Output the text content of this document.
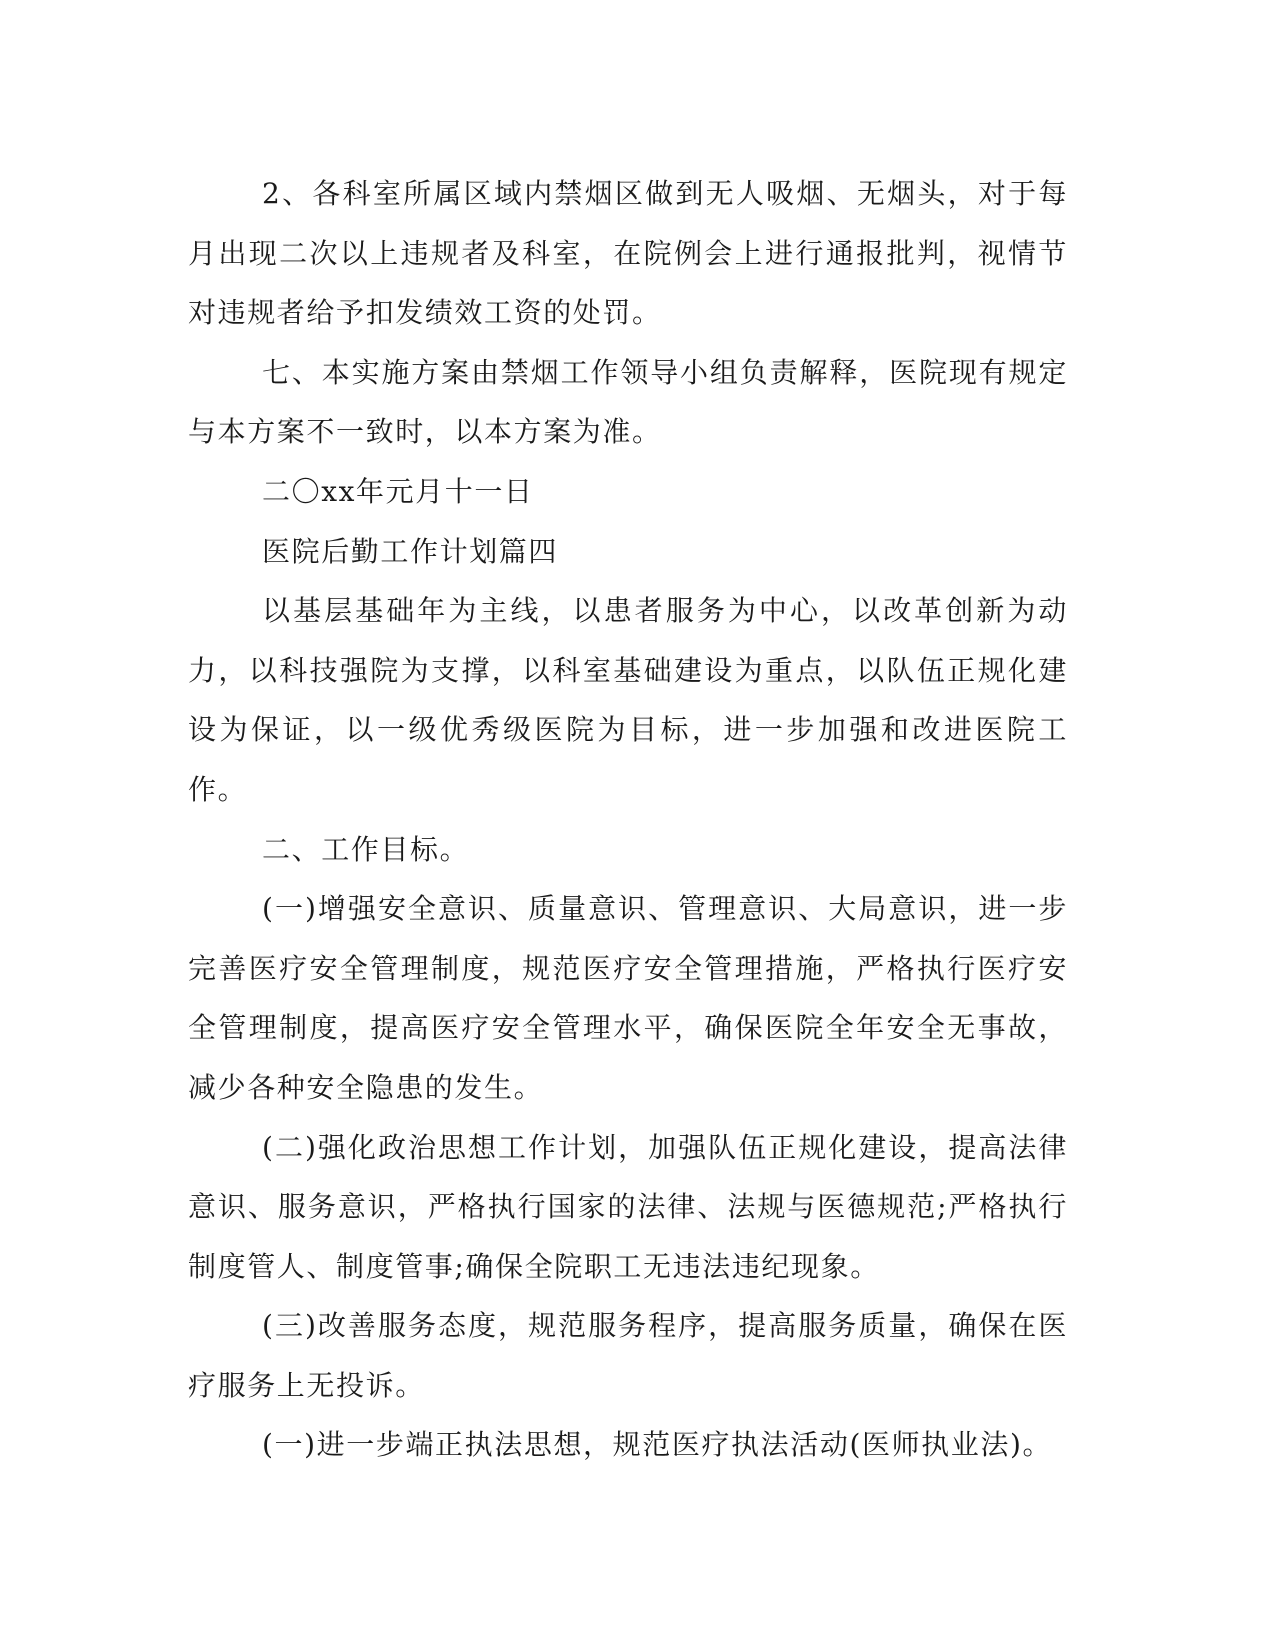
2、各科室所属区域内禁烟区做到无人吸烟、无烟头，对于每月出现二次以上违规者及科室，在院例会上进行通报批判，视情节对违规者给予扣发绩效工资的处罚。

七、本实施方案由禁烟工作领导小组负责解释，医院现有规定与本方案不一致时，以本方案为准。

二〇xx年元月十一日

医院后勤工作计划篇四

以基层基础年为主线，以患者服务为中心，以改革创新为动力，以科技强院为支撑，以科室基础建设为重点，以队伍正规化建设为保证，以一级优秀级医院为目标，进一步加强和改进医院工作。

二、工作目标。

(一)增强安全意识、质量意识、管理意识、大局意识，进一步完善医疗安全管理制度，规范医疗安全管理措施，严格执行医疗安全管理制度，提高医疗安全管理水平，确保医院全年安全无事故，减少各种安全隐患的发生。

(二)强化政治思想工作计划，加强队伍正规化建设，提高法律意识、服务意识，严格执行国家的法律、法规与医德规范;严格执行制度管人、制度管事;确保全院职工无违法违纪现象。

(三)改善服务态度，规范服务程序，提高服务质量，确保在医疗服务上无投诉。

(一)进一步端正执法思想，规范医疗执法活动(医师执业法)。
